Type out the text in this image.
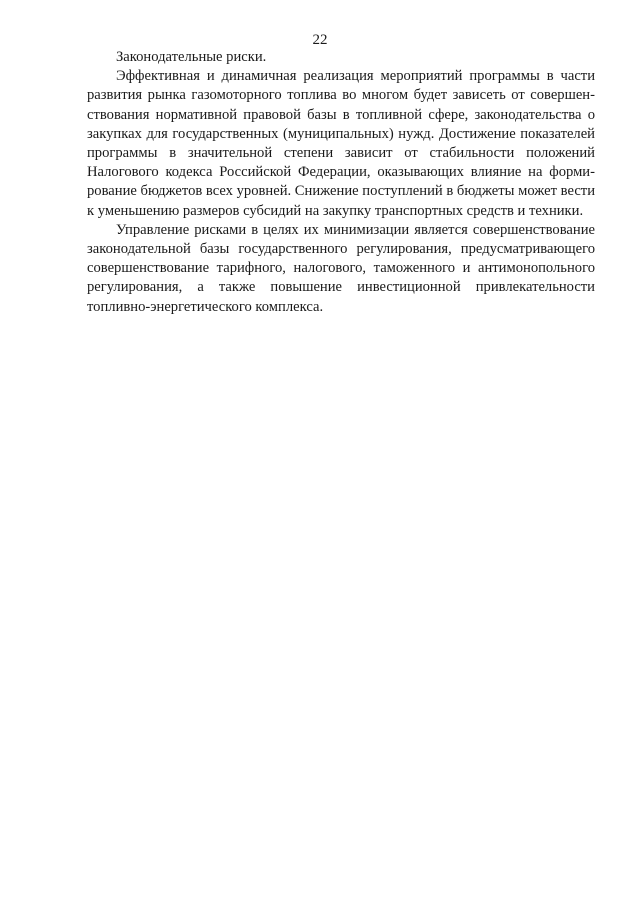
22

Законодательные риски.

Эффективная и динамичная реализация мероприятий программы в части развития рынка газомоторного топлива во многом будет зависеть от совершенствования нормативной правовой базы в топливной сфере, законодательства о закупках для государственных (муниципальных) нужд. Достижение показателей программы в значительной степени зависит от стабильности положений Налогового кодекса Российской Федерации, оказывающих влияние на формирование бюджетов всех уровней. Снижение поступлений в бюджеты может вести к уменьшению размеров субсидий на закупку транспортных средств и техники.

Управление рисками в целях их минимизации является совершенствование законодательной базы государственного регулирования, предусматривающего совершенствование тарифного, налогового, таможенного и антимонопольного регулирования, а также повышение инвестиционной привлекательности топливно-энергетического комплекса.
